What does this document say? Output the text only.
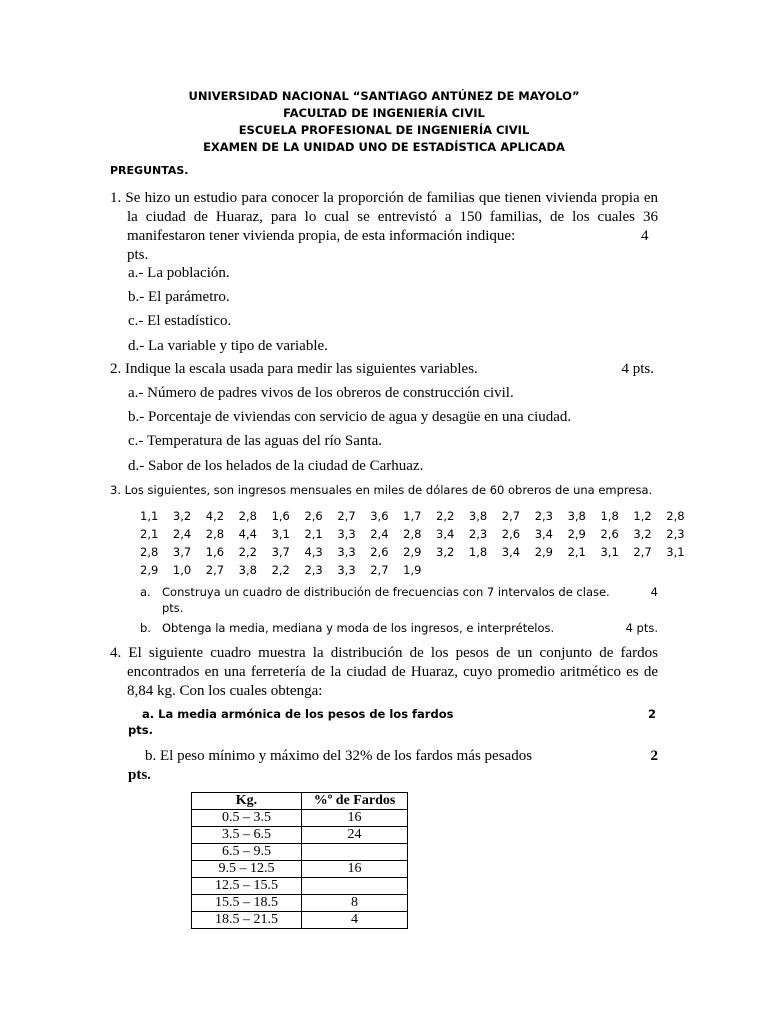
UNIVERSIDAD NACIONAL “SANTIAGO ANTÚNEZ DE MAYOLO”
FACULTAD DE INGENIERÍA CIVIL
ESCUELA PROFESIONAL DE INGENIERÍA CIVIL
EXAMEN DE LA UNIDAD UNO DE ESTADÍSTICA APLICADA
PREGUNTAS.
1. Se hizo un estudio para conocer la proporción de familias que tienen vivienda propia en la ciudad de Huaraz, para lo cual se entrevistó a 150 familias, de los cuales 36 manifestaron tener vivienda propia, de esta información indique:	4

pts.
a.- La población.
b.- El parámetro.
c.- El estadístico.
d.- La variable y tipo de variable.
2. Indique la escala usada para medir las siguientes variables.	4 pts.
a.- Número de padres vivos de los obreros de construcción civil.
b.- Porcentaje de viviendas con servicio de agua y desagüe en una ciudad.
c.- Temperatura de las aguas del río Santa.
d.- Sabor de los helados de la ciudad de Carhuaz.
3. Los siguientes, son ingresos mensuales en miles de dólares de 60 obreros de una empresa.
1,1	3,2	4,2	2,8	1,6	2,6	2,7	3,6	1,7	2,2	3,8	2,7	2,3	3,8	1,8	1,2	2,8
2,1	2,4	2,8	4,4	3,1	2,1	3,3	2,4	2,8	3,4	2,3	2,6	3,4	2,9	2,6	3,2	2,3
2,8	3,7	1,6	2,2	3,7	4,3	3,3	2,6	2,9	3,2	1,8	3,4	2,9	2,1	3,1	2,7	3,1
2,9	1,0	2,7	3,8	2,2	2,3	3,3	2,7	1,9
a. Construya un cuadro de distribución de frecuencias con 7 intervalos de clase.	4

pts.
b. Obtenga la media, mediana y moda de los ingresos, e interprételos.	4 pts.
4. El siguiente cuadro muestra la distribución de los pesos de un conjunto de fardos encontrados en una ferretería de la ciudad de Huaraz, cuyo promedio aritmético es de 8,84 kg. Con los cuales obtenga:
a. La media armónica de los pesos de los fardos	2

pts.
b. El peso mínimo y máximo del 32% de los fardos más pesados	2

pts.
Kg.	%º de Fardos
0.5 – 3.5	16
3.5 – 6.5	24
6.5 – 9.5	
9.5 – 12.5	16
12.5 – 15.5	
15.5 – 18.5	8
18.5 – 21.5	4
